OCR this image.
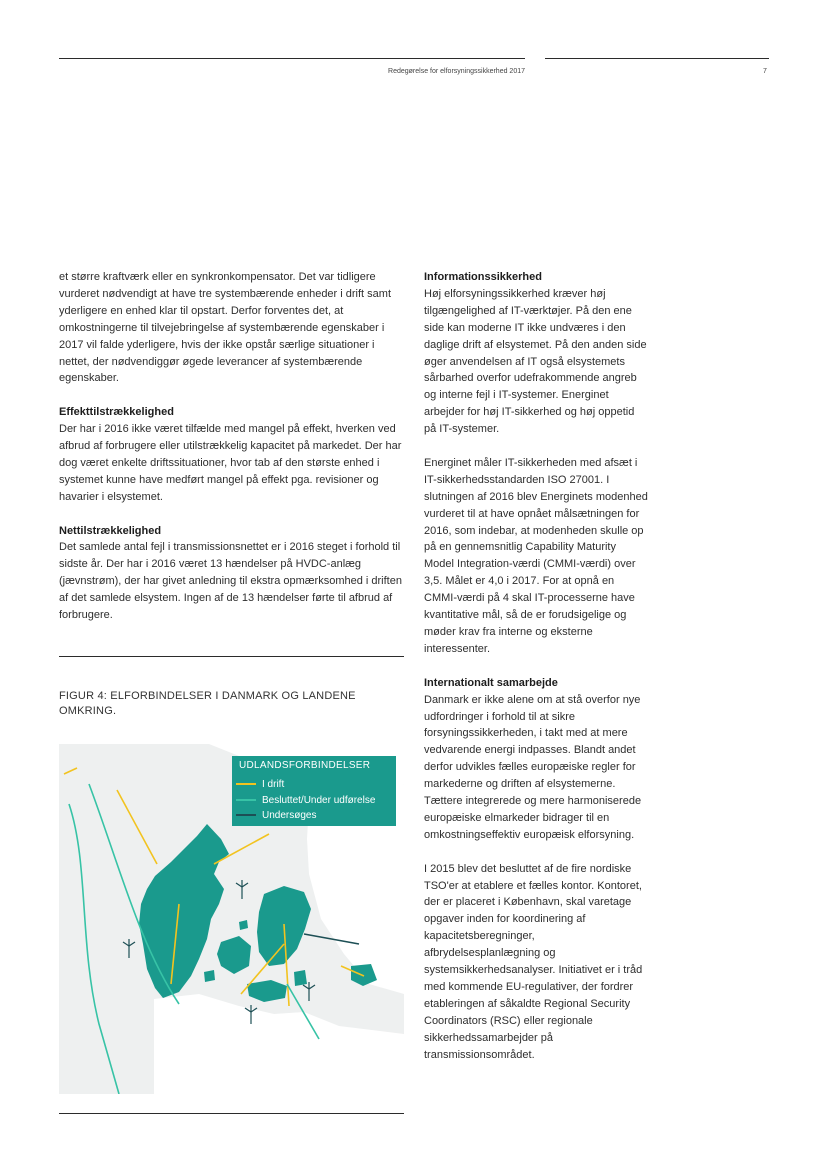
Redegørelse for elforsyningssikkerhed 2017	7

et større kraftværk eller en synkronkompensator. Det var tidligere vurderet nødvendigt at have tre systembærende enheder i drift samt yderligere en enhed klar til opstart. Derfor forventes det, at omkostningerne til tilvejebringelse af systembærende egenskaber i 2017 vil falde yderligere, hvis der ikke opstår særlige situationer i nettet, der nødvendiggør øgede leverancer af systembærende egenskaber.

Effekttilstrækkelighed

Der har i 2016 ikke været tilfælde med mangel på effekt, hverken ved afbrud af forbrugere eller utilstrækkelig kapacitet på markedet. Der har dog været enkelte driftssituationer, hvor tab af den største enhed i systemet kunne have medført mangel på effekt pga. revisioner og havarier i elsystemet.

Nettilstrækkelighed

Det samlede antal fejl i transmissionsnettet er i 2016 steget i forhold til sidste år. Der har i 2016 været 13 hændelser på HVDC-anlæg (jævnstrøm), der har givet anledning til ekstra opmærksomhed i driften af det samlede elsystem. Ingen af de 13 hændelser førte til afbrud af forbrugere.

FIGUR 4: ELFORBINDELSER I DANMARK OG LANDENE OMKRING.
UDLANDSFORBINDELSER
I drift
Besluttet/Under udførelse
Undersøges
Informationssikkerhed

Høj elforsyningssikkerhed kræver høj tilgængelighed af IT-værktøjer. På den ene side kan moderne IT ikke undværes i den daglige drift af elsystemet. På den anden side øger anvendelsen af IT også elsystemets sårbarhed overfor udefrakommende angreb og interne fejl i IT-systemer. Energinet arbejder for høj IT-sikkerhed og høj oppetid på IT-systemer.

Energinet måler IT-sikkerheden med afsæt i IT-sikkerhedsstandarden ISO 27001. I slutningen af 2016 blev Energinets modenhed vurderet til at have opnået målsætningen for 2016, som indebar, at modenheden skulle op på en gennemsnitlig Capability Maturity Model Integration-værdi (CMMI-værdi) over 3,5. Målet er 4,0 i 2017. For at opnå en CMMI-værdi på 4 skal IT-processerne have kvantitative mål, så de er forudsigelige og møder krav fra interne og eksterne interessenter.

Internationalt samarbejde

Danmark er ikke alene om at stå overfor nye udfordringer i forhold til at sikre forsyningssikkerheden, i takt med at mere vedvarende energi indpasses. Blandt andet derfor udvikles fælles europæiske regler for markederne og driften af elsystemerne. Tættere integrerede og mere harmoniserede europæiske elmarkeder bidrager til en omkostningseffektiv europæisk elforsyning.

I 2015 blev det besluttet af de fire nordiske TSO'er at etablere et fælles kontor. Kontoret, der er placeret i København, skal varetage opgaver inden for koordinering af kapacitetsberegninger, afbrydelsesplanlægning og systemsikkerhedsanalyser. Initiativet er i tråd med kommende EU-regulativer, der fordrer etableringen af såkaldte Regional Security Coordinators (RSC) eller regionale sikkerhedssamarbejder på transmissionsområdet.
